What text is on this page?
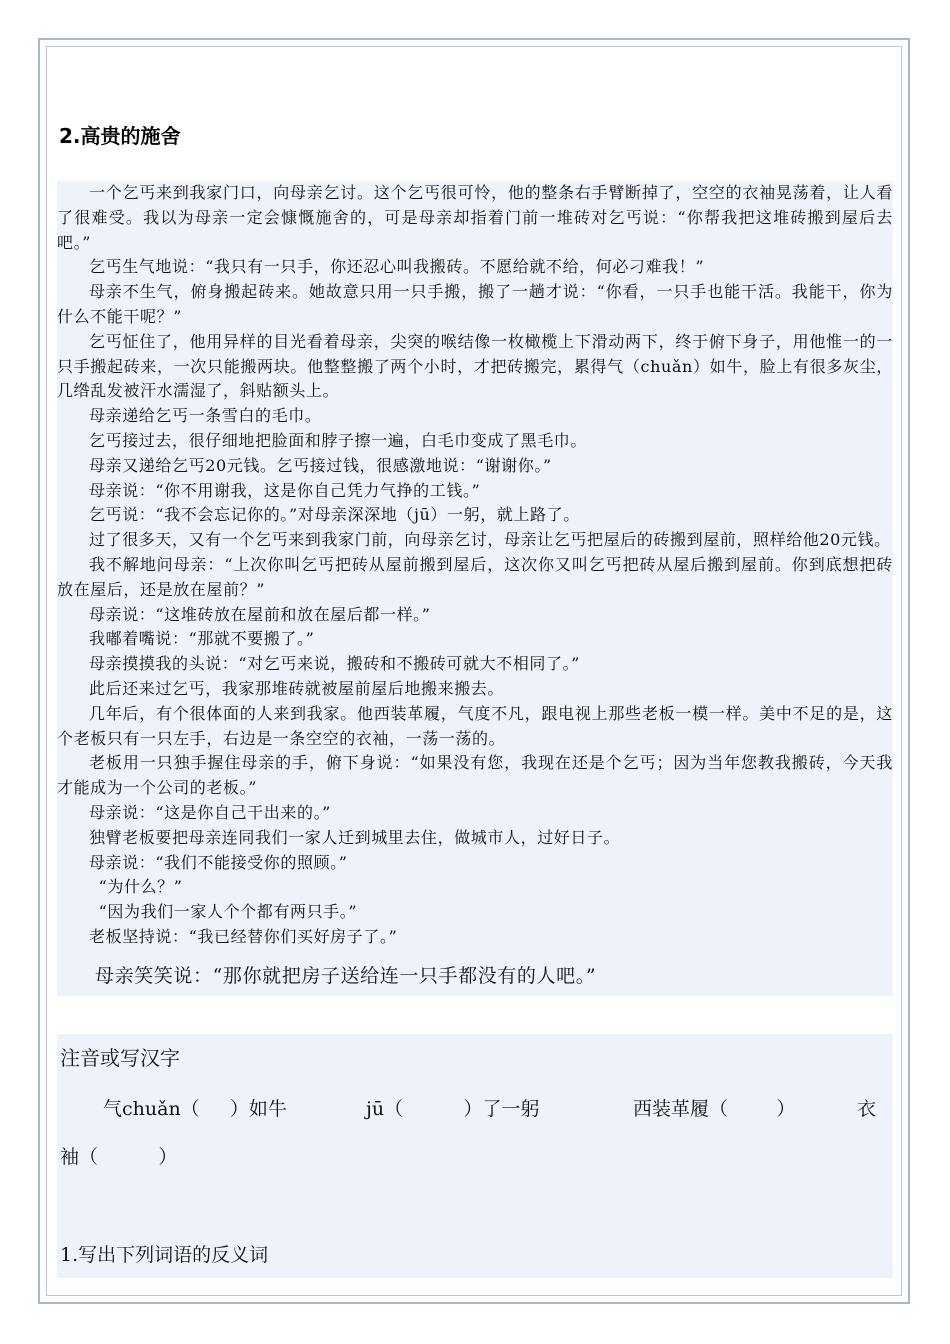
2.高贵的施舍

一个乞丐来到我家门口，向母亲乞讨。这个乞丐很可怜，他的整条右手臂断掉了，空空的衣袖晃荡着，让人看了很难受。我以为母亲一定会慷慨施舍的，可是母亲却指着门前一堆砖对乞丐说：“你帮我把这堆砖搬到屋后去吧。”

乞丐生气地说：“我只有一只手，你还忍心叫我搬砖。不愿给就不给，何必刁难我！”

母亲不生气，俯身搬起砖来。她故意只用一只手搬，搬了一趟才说：“你看，一只手也能干活。我能干，你为什么不能干呢？”

乞丐怔住了，他用异样的目光看着母亲，尖突的喉结像一枚橄榄上下滑动两下，终于俯下身子，用他惟一的一只手搬起砖来，一次只能搬两块。他整整搬了两个小时，才把砖搬完，累得气（chuǎn）如牛，脸上有很多灰尘，几绺乱发被汗水濡湿了，斜贴额头上。

母亲递给乞丐一条雪白的毛巾。

乞丐接过去，很仔细地把脸面和脖子擦一遍，白毛巾变成了黑毛巾。

母亲又递给乞丐20元钱。乞丐接过钱，很感激地说：“谢谢你。”

母亲说：“你不用谢我，这是你自己凭力气挣的工钱。”

乞丐说：“我不会忘记你的。”对母亲深深地（jū）一躬，就上路了。

过了很多天，又有一个乞丐来到我家门前，向母亲乞讨，母亲让乞丐把屋后的砖搬到屋前，照样给他20元钱。

我不解地问母亲：“上次你叫乞丐把砖从屋前搬到屋后，这次你又叫乞丐把砖从屋后搬到屋前。你到底想把砖放在屋后，还是放在屋前？”

母亲说：“这堆砖放在屋前和放在屋后都一样。”

我嘟着嘴说：“那就不要搬了。”

母亲摸摸我的头说：“对乞丐来说，搬砖和不搬砖可就大不相同了。”

此后还来过乞丐，我家那堆砖就被屋前屋后地搬来搬去。

几年后，有个很体面的人来到我家。他西装革履，气度不凡，跟电视上那些老板一模一样。美中不足的是，这个老板只有一只左手，右边是一条空空的衣袖，一荡一荡的。

老板用一只独手握住母亲的手，俯下身说：“如果没有您，我现在还是个乞丐；因为当年您教我搬砖，今天我才能成为一个公司的老板。”

母亲说：“这是你自己干出来的。”

独臂老板要把母亲连同我们一家人迁到城里去住，做城市人，过好日子。

母亲说：“我们不能接受你的照顾。”

“为什么？”

“因为我们一家人个个都有两只手。”

老板坚持说：“我已经替你们买好房子了。”

母亲笑笑说：“那你就把房子送给连一只手都没有的人吧。”

注音或写汉字
气chuǎn（     ）如牛	jū（          ）了一躬	西装革履（        ）	衣
袖（          ）
1.写出下列词语的反义词
